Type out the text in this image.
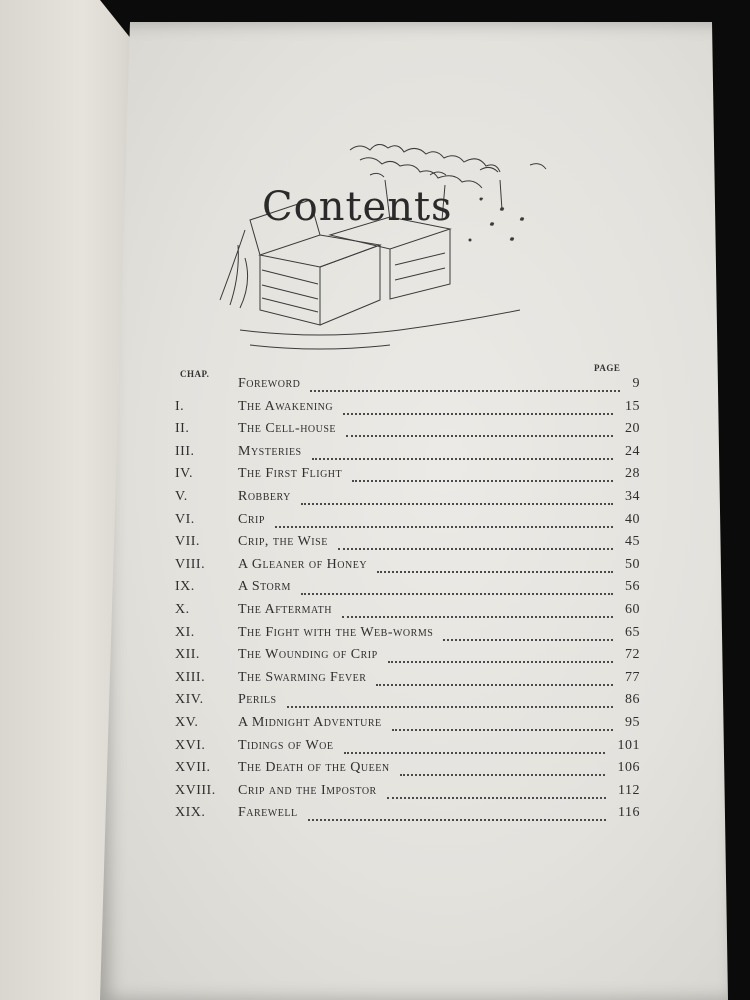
Contents
CHAP.
PAGE
Foreword	9
I.	The Awakening	15
II.	The Cell-house	20
III.	Mysteries	24
IV.	The First Flight	28
V.	Robbery	34
VI.	Crip	40
VII.	Crip, the Wise	45
VIII. A Gleaner of Honey	50
IX.	A Storm	56
X.	The Aftermath	60
XI.	The Fight with the Web-worms	65
XII.	The Wounding of Crip	72
XIII. The Swarming Fever	77
XIV. Perils	86
XV.	A Midnight Adventure	95
XVI. Tidings of Woe	101
XVII. The Death of the Queen	106
XVIII. Crip and the Impostor	112
XIX. Farewell	116
